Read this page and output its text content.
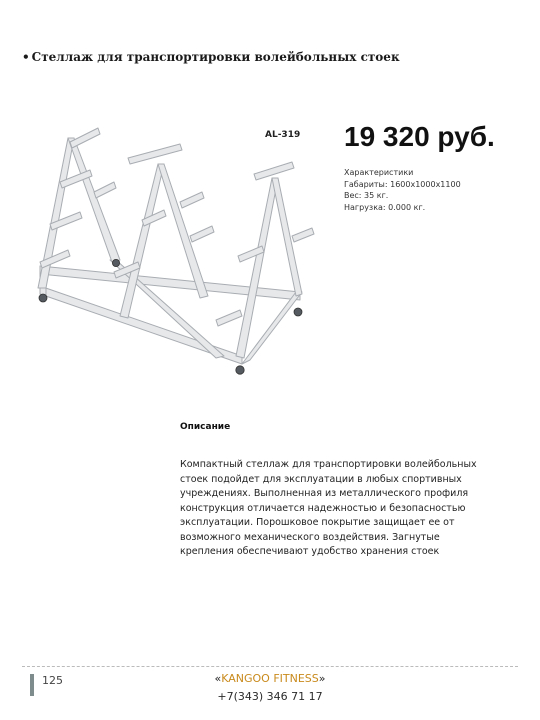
• Стеллаж для транспортировки волейбольных стоек
AL-319 19 320 руб.
Характеристики
Габариты: 1600х1000х1100
Вес: 35 кг.
Нагрузка: 0.000 кг.
Описание
Компактный стеллаж для транспортировки волейбольных
стоек подойдет для эксплуатации в любых спортивных
учреждениях. Выполненная из металлического профиля
конструкция отличается надежностью и безопасностью
эксплуатации. Порошковое покрытие защищает ее от
возможного механического воздействия. Загнутые
крепления обеспечивают удобство хранения стоек
125	«KANGOO FITNESS»
+7(343) 346 71 17
